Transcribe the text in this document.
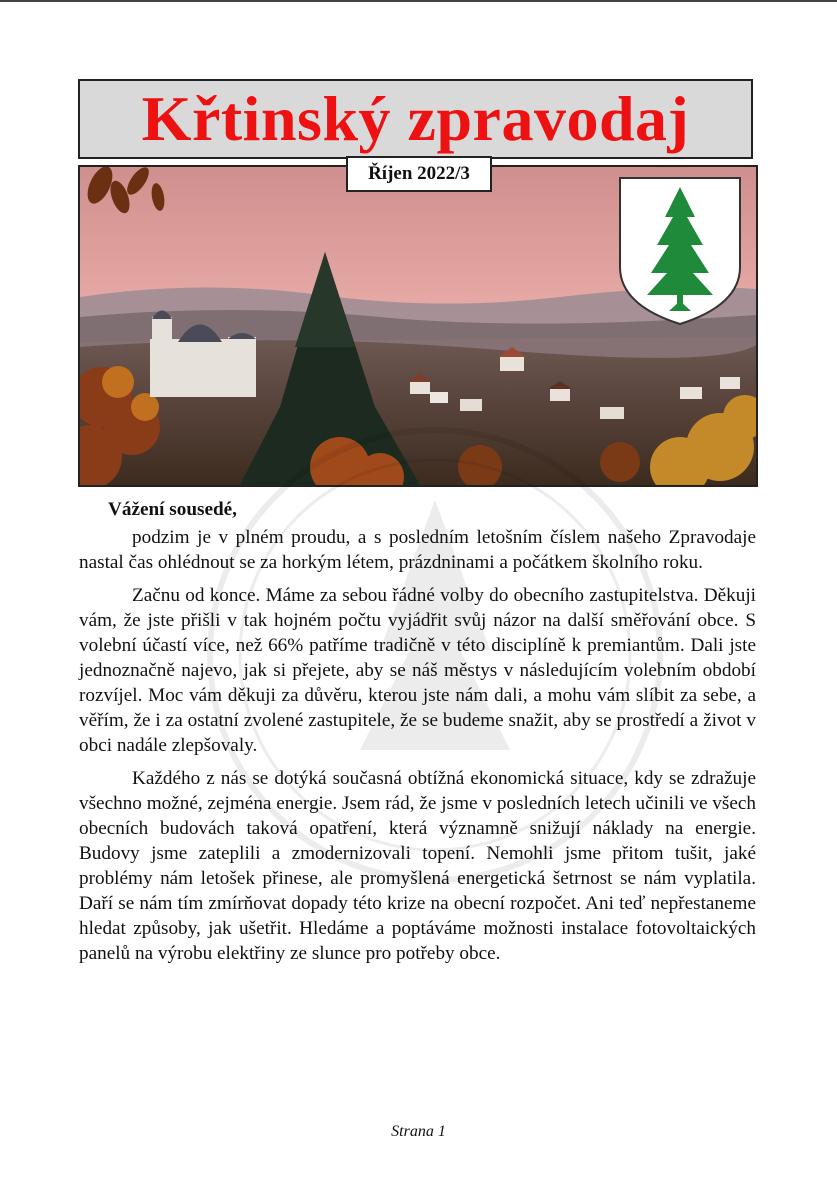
Křtinský zpravodaj
Říjen 2022/3

Vážení sousedé,

podzim je v plném proudu, a s posledním letošním číslem našeho Zpravodaje nastal čas ohlédnout se za horkým létem, prázdninami a počátkem školního roku.

Začnu od konce. Máme za sebou řádné volby do obecního zastupitelstva. Děkuji vám, že jste přišli v tak hojném počtu vyjádřit svůj názor na další směřování obce. S volební účastí více, než 66% patříme tradičně v této disciplíně k premiantům. Dali jste jednoznačně najevo, jak si přejete, aby se náš městys v následujícím volebním období rozvíjel. Moc vám děkuji za důvěru, kterou jste nám dali, a mohu vám slíbit za sebe, a věřím, že i za ostatní zvolené zastupitele, že se budeme snažit, aby se prostředí a život v obci nadále zlepšovaly.

Každého z nás se dotýká současná obtížná ekonomická situace, kdy se zdražuje všechno možné, zejména energie. Jsem rád, že jsme v posledních letech učinili ve všech obecních budovách taková opatření, která významně snižují náklady na energie. Budovy jsme zateplili a zmodernizovali topení. Nemohli jsme přitom tušit, jaké problémy nám letošek přinese, ale promyšlená energetická šetrnost se nám vyplatila. Daří se nám tím zmírňovat dopady této krize na obecní rozpočet. Ani teď nepřestaneme hledat způsoby, jak ušetřit. Hledáme a poptáváme možnosti instalace fotovoltaických panelů na výrobu elektřiny ze slunce pro potřeby obce.

Strana 1
